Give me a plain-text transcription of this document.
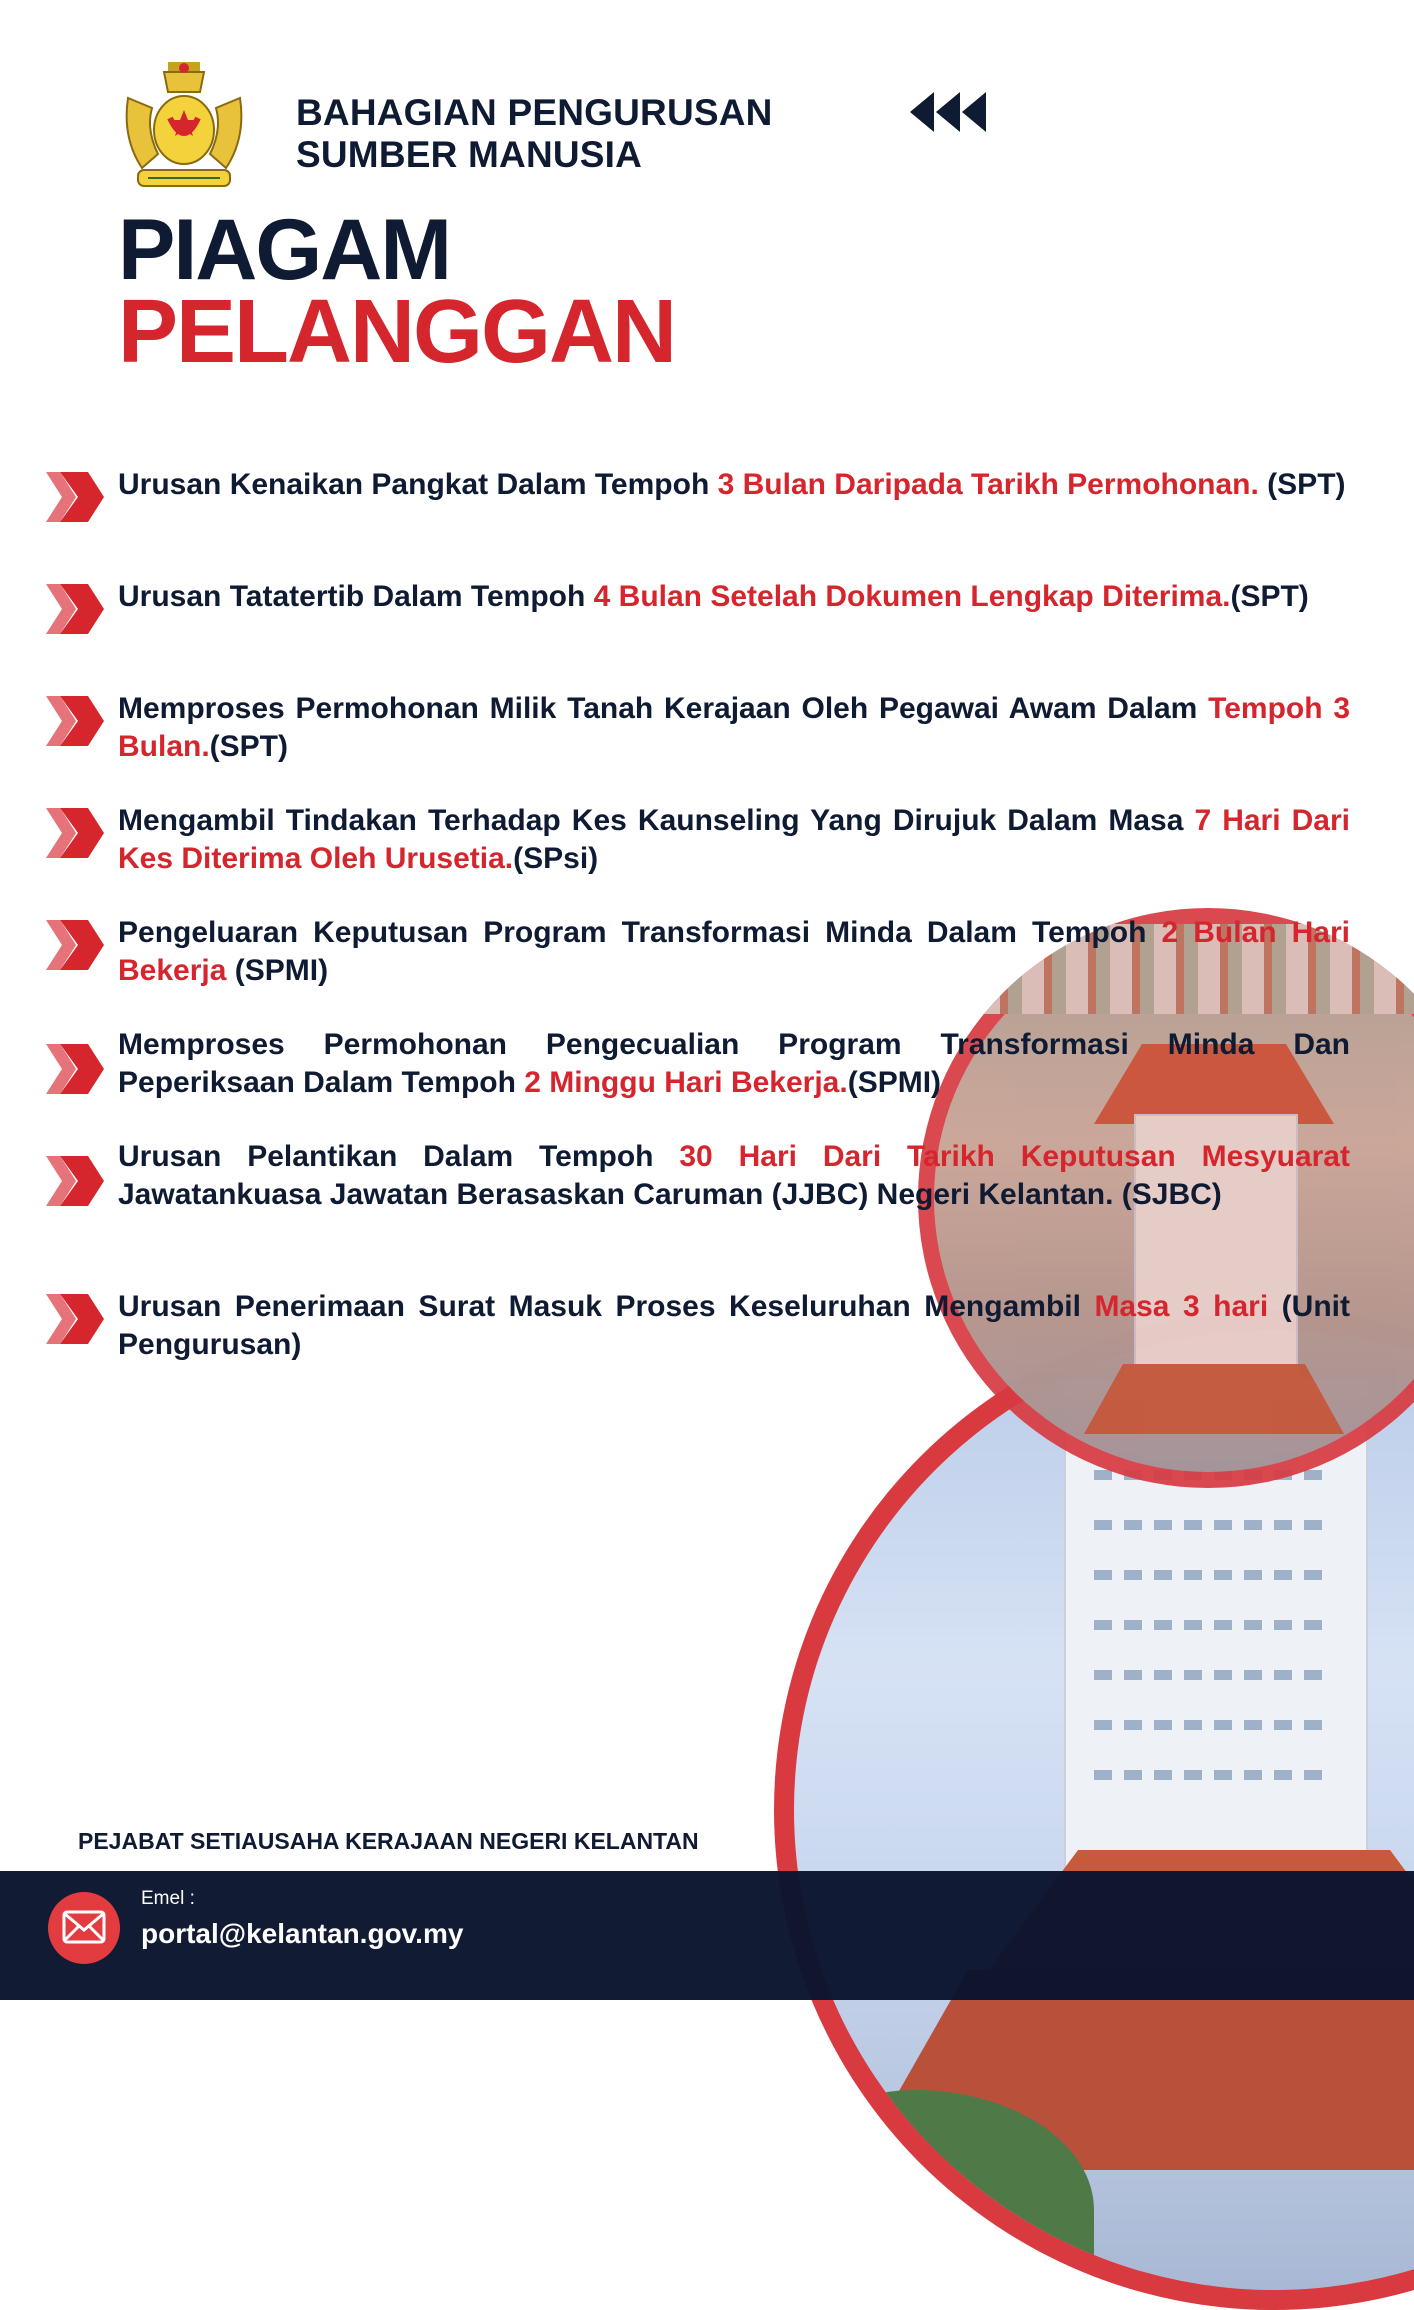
BAHAGIAN PENGURUSAN
SUMBER MANUSIA
PIAGAM
PELANGGAN
Urusan Kenaikan Pangkat Dalam Tempoh 3 Bulan Daripada Tarikh Permohonan. (SPT)
Urusan Tatatertib Dalam Tempoh 4 Bulan Setelah Dokumen Lengkap Diterima.(SPT)
Memproses Permohonan Milik Tanah Kerajaan Oleh Pegawai Awam Dalam Tempoh 3 Bulan.(SPT)
Mengambil Tindakan Terhadap Kes Kaunseling Yang Dirujuk Dalam Masa 7 Hari Dari Kes Diterima Oleh Urusetia.(SPsi)
Pengeluaran Keputusan Program Transformasi Minda Dalam Tempoh 2 Bulan Hari Bekerja (SPMI)
Memproses Permohonan Pengecualian Program Transformasi Minda Dan Peperiksaan Dalam Tempoh 2 Minggu Hari Bekerja.(SPMI)
Urusan Pelantikan Dalam Tempoh 30 Hari Dari Tarikh Keputusan Mesyuarat Jawatankuasa Jawatan Berasaskan Caruman (JJBC) Negeri Kelantan. (SJBC)
Urusan Penerimaan Surat Masuk Proses Keseluruhan Mengambil Masa 3 hari (Unit Pengurusan)
PEJABAT SETIAUSAHA KERAJAAN NEGERI KELANTAN
Emel :
portal@kelantan.gov.my
